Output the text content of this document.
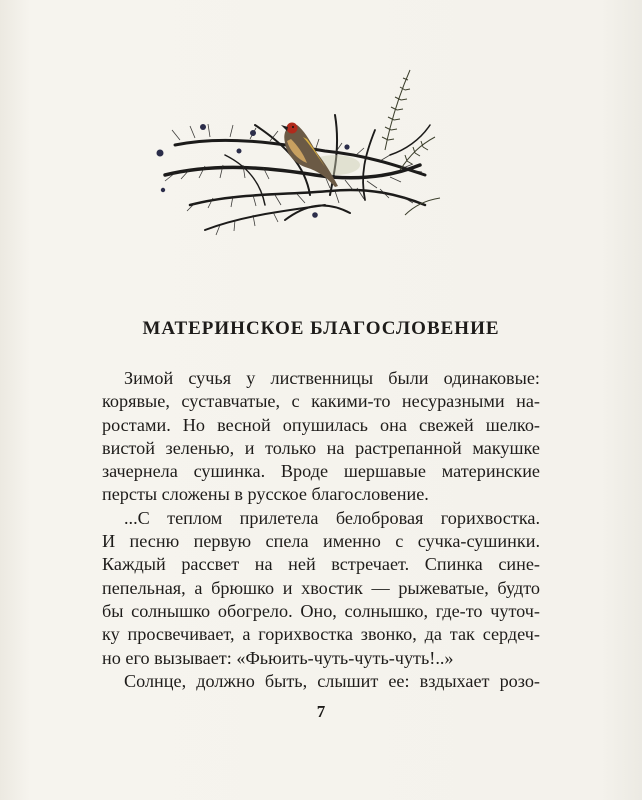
МАТЕРИНСКОЕ БЛАГОСЛОВЕНИЕ
Зимой сучья у лиственницы были одинаковые:
корявые, суставчатые, с какими-то несуразными на-
ростами. Но весной опушилась она свежей шелко-
вистой зеленью, и только на растрепанной макушке
зачернела сушинка. Вроде шершавые материнские
персты сложены в русское благословение.
...С теплом прилетела белобровая горихвостка.
И песню первую спела именно с сучка-сушинки.
Каждый рассвет на ней встречает. Спинка сине-
пепельная, а брюшко и хвостик — рыжеватые, будто
бы солнышко обогрело. Оно, солнышко, где-то чуточ-
ку просвечивает, а горихвостка звонко, да так сердеч-
но его вызывает: «Фьюить-чуть-чуть-чуть!..»
Солнце, должно быть, слышит ее: вздыхает розо-
7
